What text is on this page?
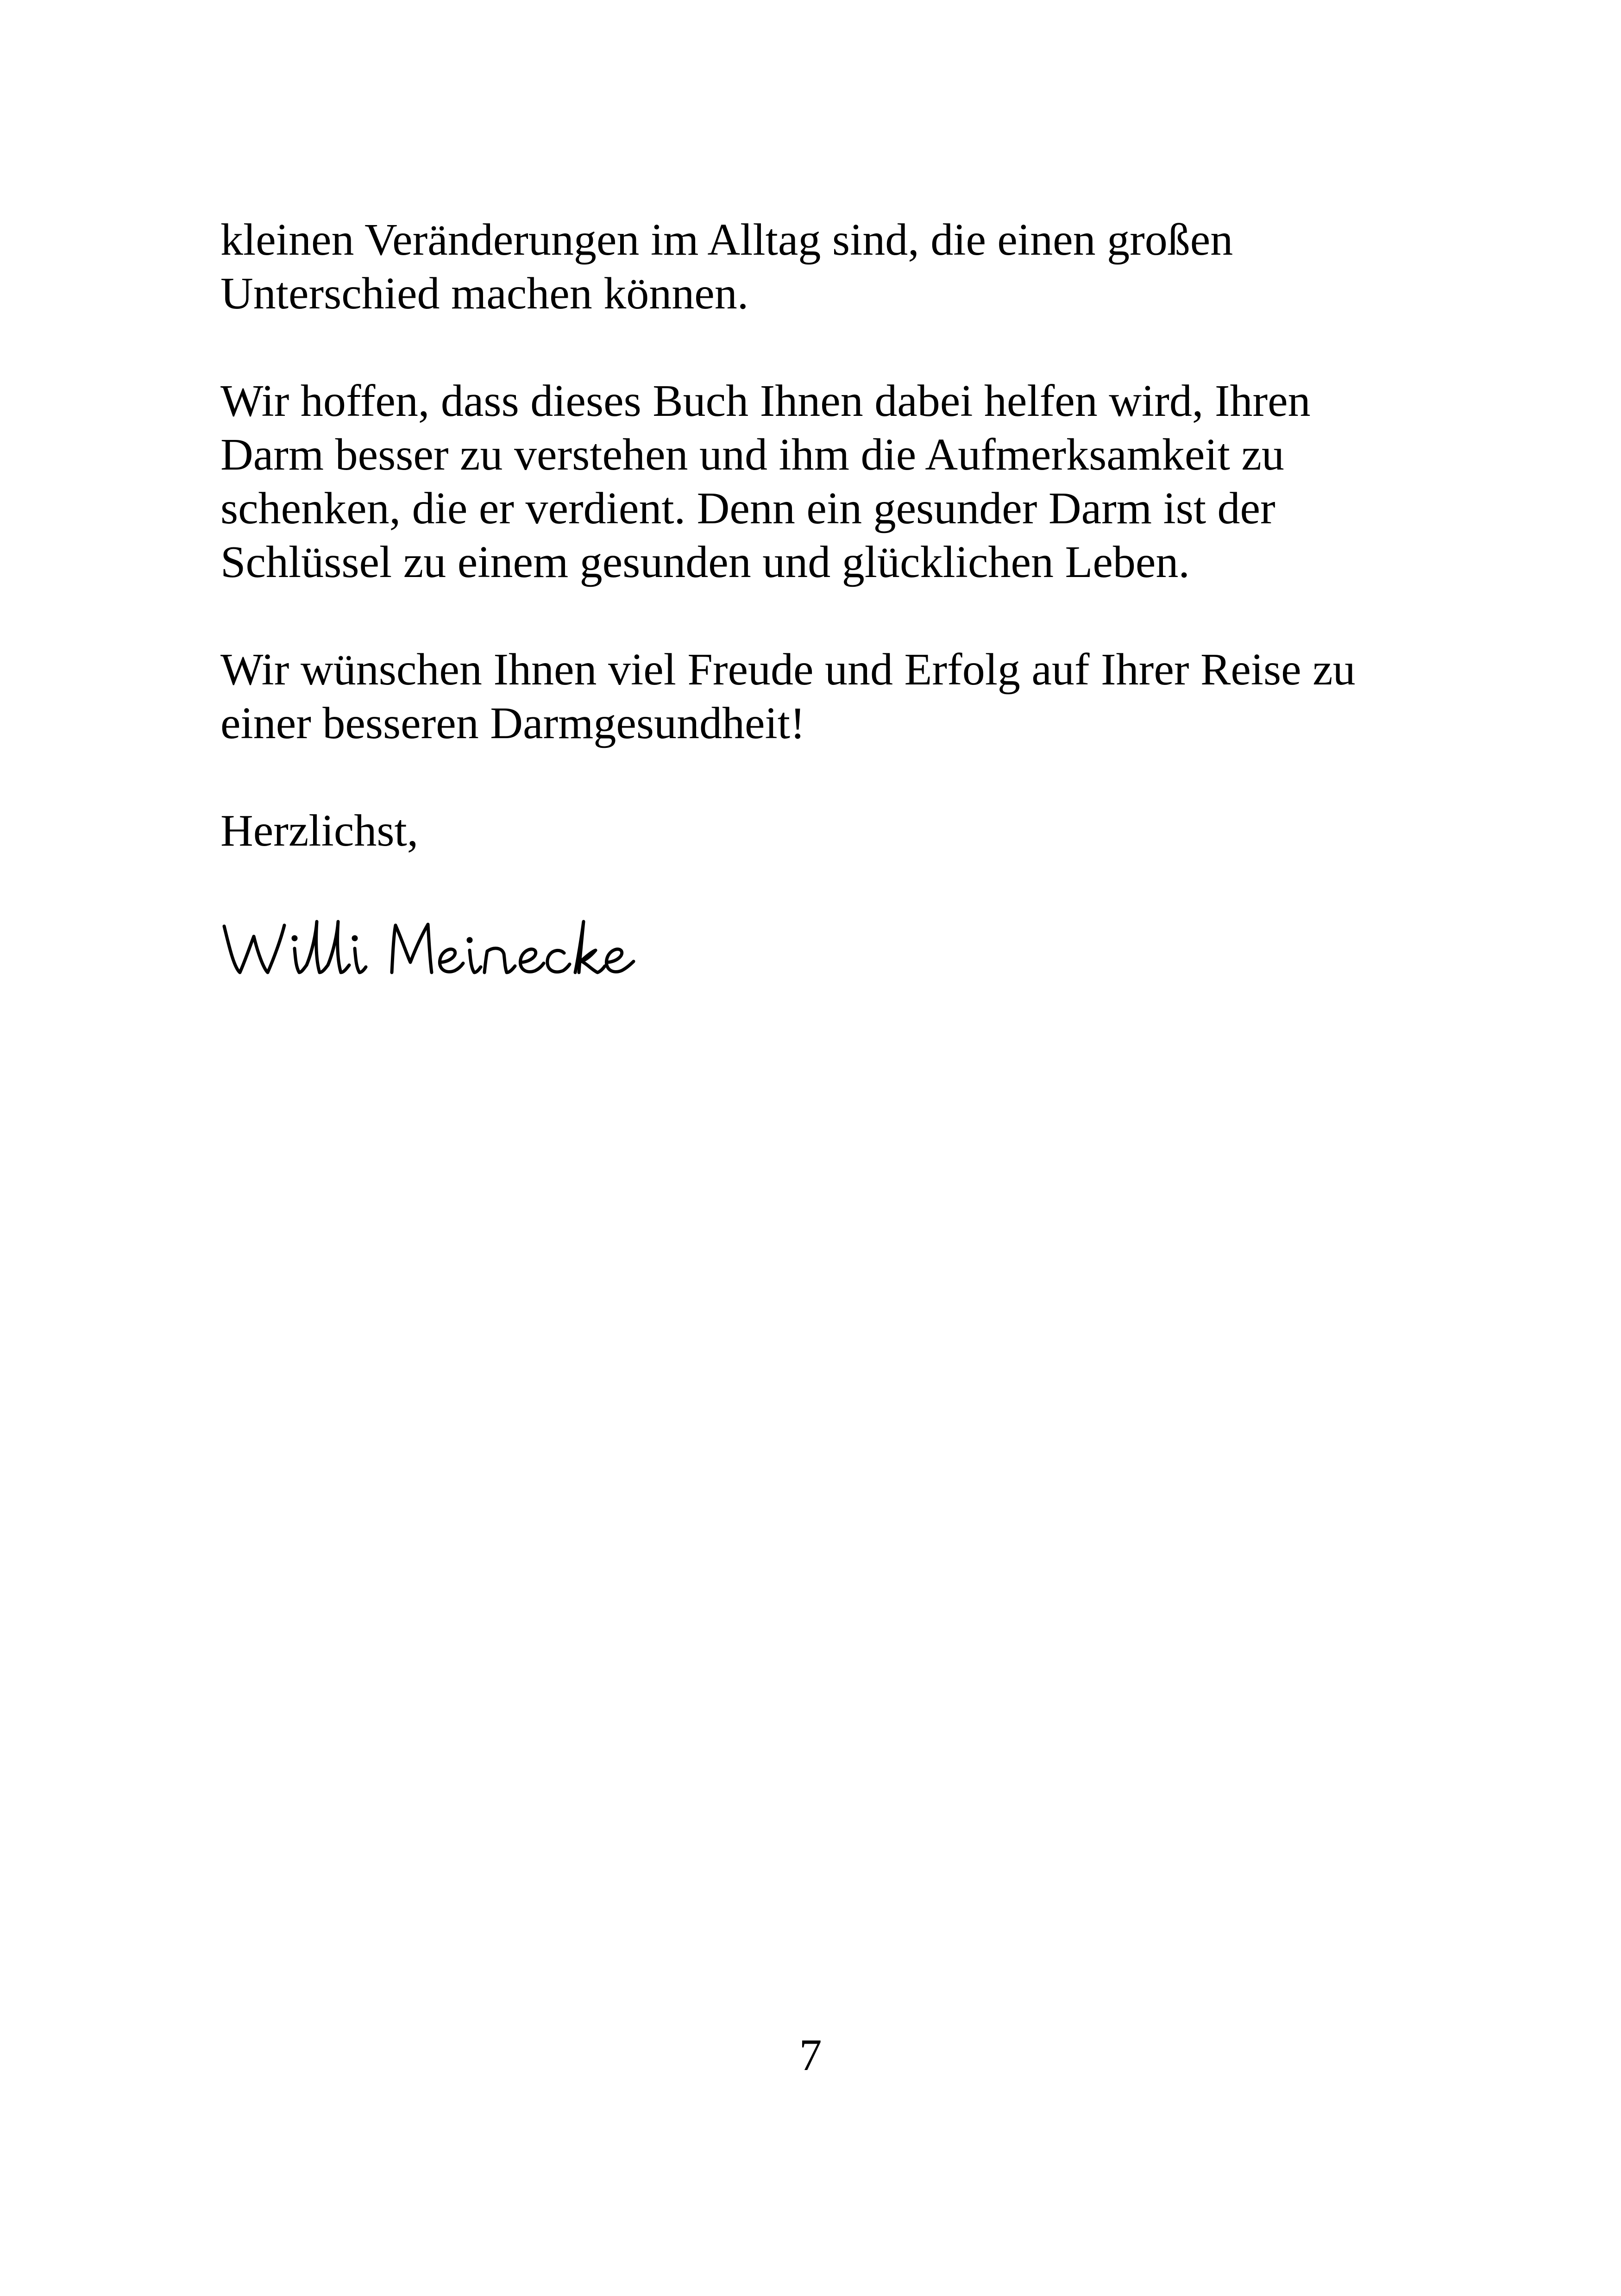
kleinen Veränderungen im Alltag sind, die einen großen
Unterschied machen können.

Wir hoffen, dass dieses Buch Ihnen dabei helfen wird, Ihren
Darm besser zu verstehen und ihm die Aufmerksamkeit zu
schenken, die er verdient. Denn ein gesunder Darm ist der
Schlüssel zu einem gesunden und glücklichen Leben.

Wir wünschen Ihnen viel Freude und Erfolg auf Ihrer Reise zu
einer besseren Darmgesundheit!

Herzlichst,

7
